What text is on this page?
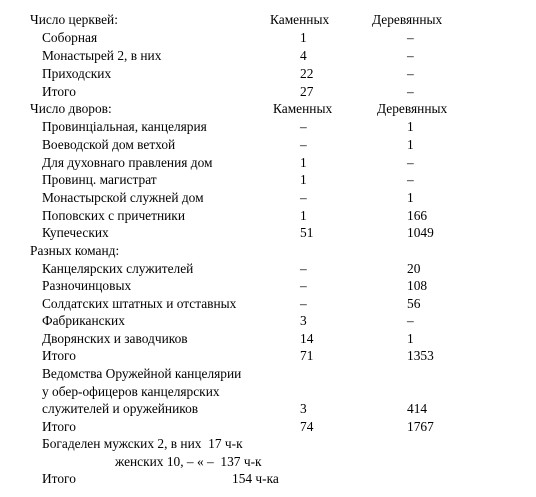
Число церквей:	Каменных	Деревянных
Соборная	1	–
Монастырей 2, в них	4	–
Приходских	22	–
Итого	27	–
Число дворов:	Каменных	Деревянных
Провинціальная, канцелярия	–	1
Воеводской дом ветхой	–	1
Для духовнаго правления дом	1	–
Провинц. магистрат	1	–
Монастырской служней дом	–	1
Поповских с причетники	1	166
Купеческих	51	1049
Разных команд:
Канцелярских служителей	–	20
Разночинцовых	–	108
Солдатских штатных и отставных	–	56
Фабриканских	3	–
Дворянских и заводчиков	14	1
Итого	71	1353
Ведомства Оружейной канцелярии
у обер-офицеров канцелярских
служителей и оружейников	3	414
Итого	74	1767
Богаделен мужских 2, в них  17 ч-к
женских 10, – « –  137 ч-к
Итого	154 ч-ка
